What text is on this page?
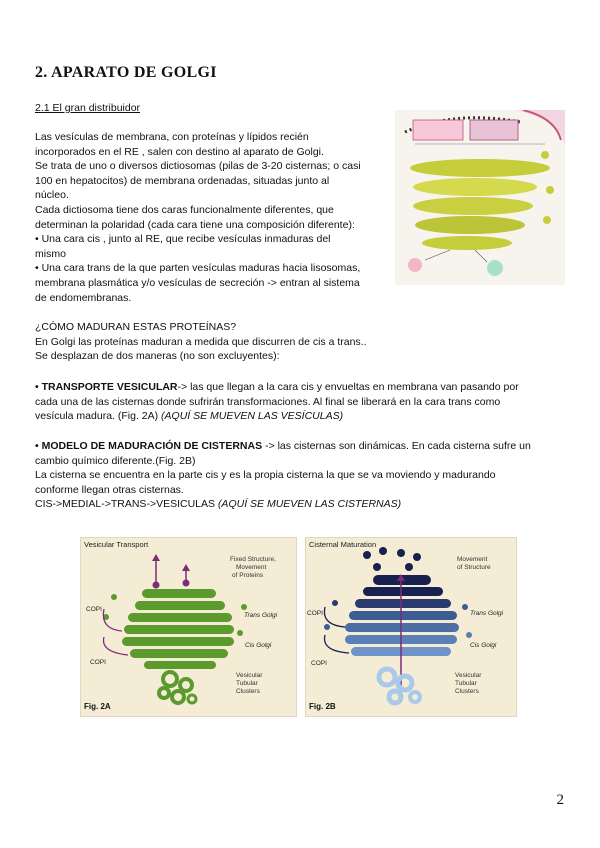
2. APARATO DE GOLGI
2.1 El gran distribuidor
Las vesículas de membrana, con proteínas y lípidos recién
incorporados en el RE , salen con destino al aparato de Golgi.
Se trata de uno o diversos dictiosomas (pilas de 3-20 cisternas; o casi
100 en hepatocitos) de membrana ordenadas, situadas junto al
núcleo.
Cada dictiosoma tiene dos caras funcionalmente diferentes, que
determinan la polaridad (cada cara tiene una composición diferente):
• Una cara cis , junto al RE, que recibe vesículas inmaduras del
mismo
• Una cara trans de la que parten vesículas maduras hacia lisosomas,
membrana plasmática y/o vesículas de secreción -> entran al sistema
de endomembranas.
¿CÓMO MADURAN ESTAS PROTEÍNAS?
En Golgi las proteínas maduran a medida que discurren de cis a trans..
Se desplazan de dos maneras (no son excluyentes):
• TRANSPORTE VESICULAR-> las que llegan a la cara cis y envueltas en membrana van pasando por
cada una de las cisternas donde sufrirán transformaciones. Al final se liberará en la cara trans como
vesícula madura. (Fig. 2A) (AQUÍ SE MUEVEN LAS VESÍCULAS)
• MODELO DE MADURACIÓN DE CISTERNAS -> las cisternas son dinámicas. En cada cisterna sufre un
cambio químico diferente.(Fig. 2B)
La cisterna se encuentra en la parte cis y es la propia cisterna la que se va moviendo y madurando
conforme llegan otras cisternas.
CIS->MEDIAL->TRANS->VESICULAS (AQUÍ SE MUEVEN LAS CISTERNAS)
Vesicular Transport
Fixed Structure,
Movement
of Proteins
COPI
COPI
Trans Golgi
Cis Golgi
Vesicular
Tubular
Clusters
Fig. 2A
Cisternal Maturation
Movement
of Structure
COPI
COPI
Trans Golgi
Cis Golgi
Vesicular
Tubular
Clusters
Fig. 2B
2
